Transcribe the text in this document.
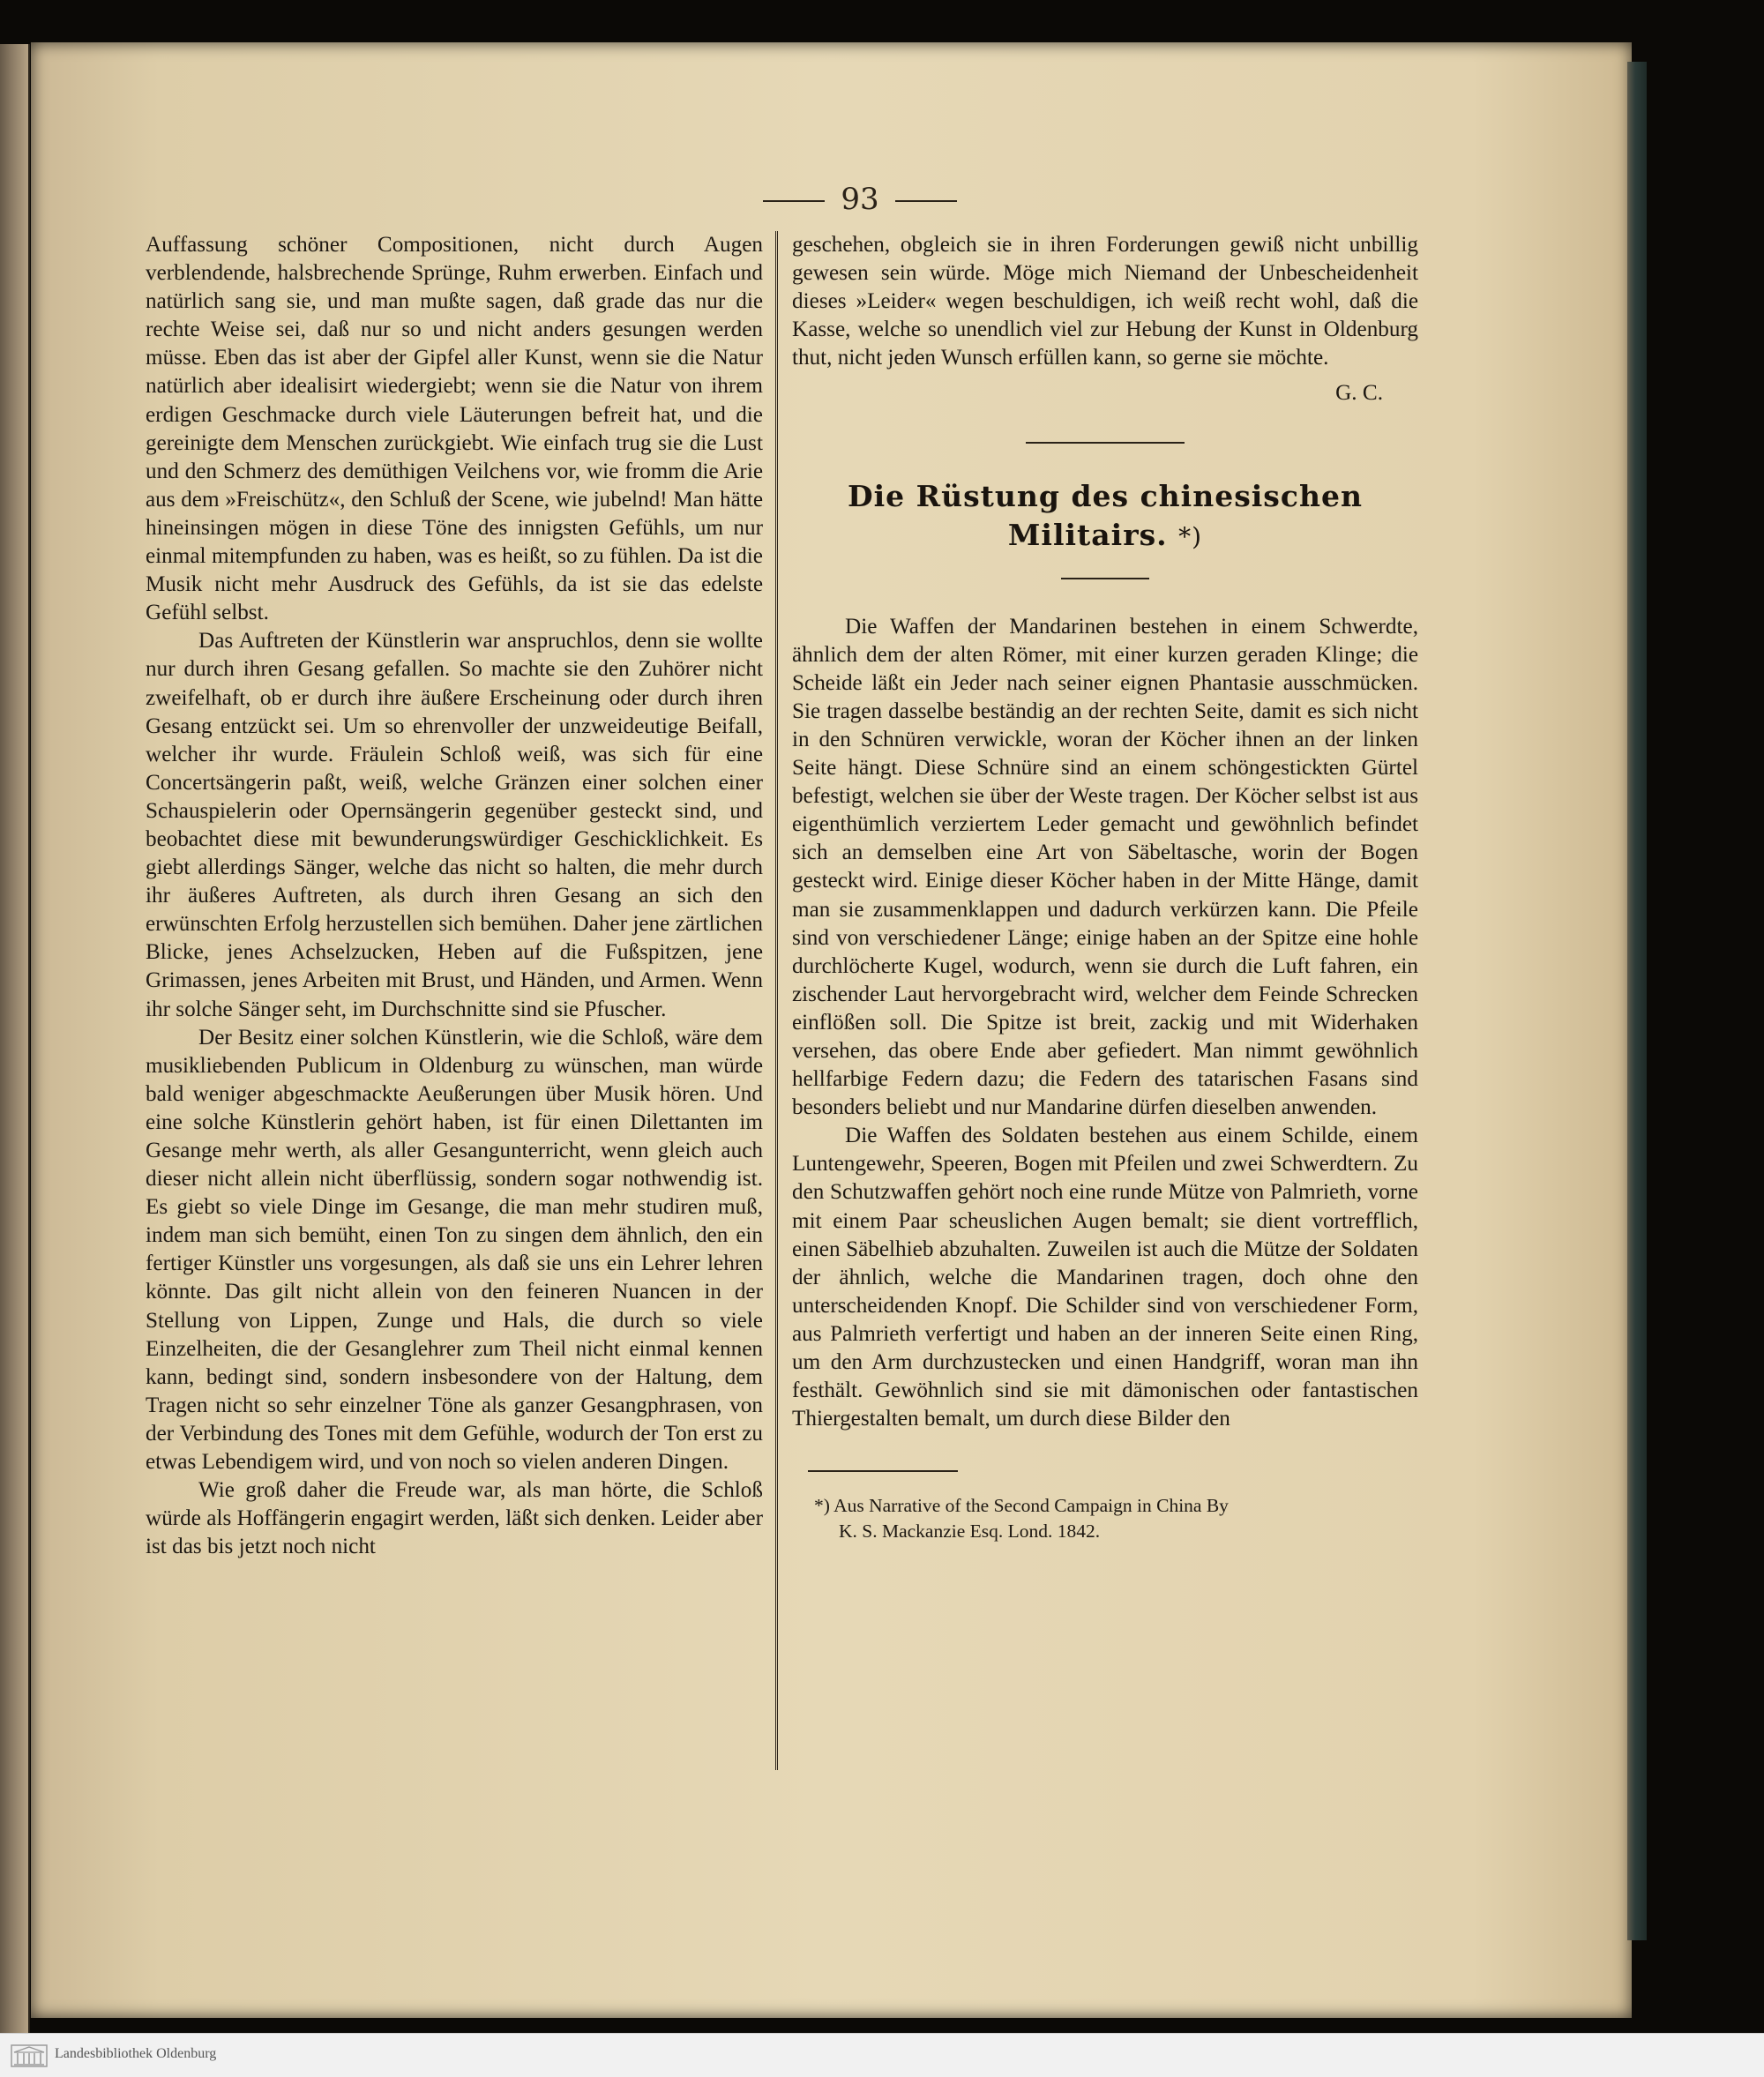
93

Auffassung schöner Compositionen, nicht durch Augen verblendende, halsbrechende Sprünge, Ruhm erwerben. Einfach und natürlich sang sie, und man mußte sagen, daß grade das nur die rechte Weise sei, daß nur so und nicht anders gesungen werden müsse. Eben das ist aber der Gipfel aller Kunst, wenn sie die Natur natürlich aber idealisirt wiedergiebt; wenn sie die Natur von ihrem erdigen Geschmacke durch viele Läuterungen befreit hat, und die gereinigte dem Menschen zurückgiebt. Wie einfach trug sie die Lust und den Schmerz des demüthigen Veilchens vor, wie fromm die Arie aus dem »Freischütz«, den Schluß der Scene, wie jubelnd! Man hätte hineinsingen mögen in diese Töne des innigsten Gefühls, um nur einmal mitempfunden zu haben, was es heißt, so zu fühlen. Da ist die Musik nicht mehr Ausdruck des Gefühls, da ist sie das edelste Gefühl selbst.

Das Auftreten der Künstlerin war anspruchlos, denn sie wollte nur durch ihren Gesang gefallen. So machte sie den Zuhörer nicht zweifelhaft, ob er durch ihre äußere Erscheinung oder durch ihren Gesang entzückt sei. Um so ehrenvoller der unzweideutige Beifall, welcher ihr wurde. Fräulein Schloß weiß, was sich für eine Concertsängerin paßt, weiß, welche Gränzen einer solchen einer Schauspielerin oder Opernsängerin gegenüber gesteckt sind, und beobachtet diese mit bewunderungswürdiger Geschicklichkeit. Es giebt allerdings Sänger, welche das nicht so halten, die mehr durch ihr äußeres Auftreten, als durch ihren Gesang an sich den erwünschten Erfolg herzustellen sich bemühen. Daher jene zärtlichen Blicke, jenes Achselzucken, Heben auf die Fußspitzen, jene Grimassen, jenes Arbeiten mit Brust, und Händen, und Armen. Wenn ihr solche Sänger seht, im Durchschnitte sind sie Pfuscher.

Der Besitz einer solchen Künstlerin, wie die Schloß, wäre dem musikliebenden Publicum in Oldenburg zu wünschen, man würde bald weniger abgeschmackte Aeußerungen über Musik hören. Und eine solche Künstlerin gehört haben, ist für einen Dilettanten im Gesange mehr werth, als aller Gesangunterricht, wenn gleich auch dieser nicht allein nicht überflüssig, sondern sogar nothwendig ist. Es giebt so viele Dinge im Gesange, die man mehr studiren muß, indem man sich bemüht, einen Ton zu singen dem ähnlich, den ein fertiger Künstler uns vorgesungen, als daß sie uns ein Lehrer lehren könnte. Das gilt nicht allein von den feineren Nuancen in der Stellung von Lippen, Zunge und Hals, die durch so viele Einzelheiten, die der Gesanglehrer zum Theil nicht einmal kennen kann, bedingt sind, sondern insbesondere von der Haltung, dem Tragen nicht so sehr einzelner Töne als ganzer Gesangphrasen, von der Verbindung des Tones mit dem Gefühle, wodurch der Ton erst zu etwas Lebendigem wird, und von noch so vielen anderen Dingen.

Wie groß daher die Freude war, als man hörte, die Schloß würde als Hoffängerin engagirt werden, läßt sich denken. Leider aber ist das bis jetzt noch nicht

geschehen, obgleich sie in ihren Forderungen gewiß nicht unbillig gewesen sein würde. Möge mich Niemand der Unbescheidenheit dieses »Leider« wegen beschuldigen, ich weiß recht wohl, daß die Kasse, welche so unendlich viel zur Hebung der Kunst in Oldenburg thut, nicht jeden Wunsch erfüllen kann, so gerne sie möchte.

G. C.
Die Rüstung des chinesischen
Militairs. *)

Die Waffen der Mandarinen bestehen in einem Schwerdte, ähnlich dem der alten Römer, mit einer kurzen geraden Klinge; die Scheide läßt ein Jeder nach seiner eignen Phantasie ausschmücken. Sie tragen dasselbe beständig an der rechten Seite, damit es sich nicht in den Schnüren verwickle, woran der Köcher ihnen an der linken Seite hängt. Diese Schnüre sind an einem schöngestickten Gürtel befestigt, welchen sie über der Weste tragen. Der Köcher selbst ist aus eigenthümlich verziertem Leder gemacht und gewöhnlich befindet sich an demselben eine Art von Säbeltasche, worin der Bogen gesteckt wird. Einige dieser Köcher haben in der Mitte Hänge, damit man sie zusammenklappen und dadurch verkürzen kann. Die Pfeile sind von verschiedener Länge; einige haben an der Spitze eine hohle durchlöcherte Kugel, wodurch, wenn sie durch die Luft fahren, ein zischender Laut hervorgebracht wird, welcher dem Feinde Schrecken einflößen soll. Die Spitze ist breit, zackig und mit Widerhaken versehen, das obere Ende aber gefiedert. Man nimmt gewöhnlich hellfarbige Federn dazu; die Federn des tatarischen Fasans sind besonders beliebt und nur Mandarine dürfen dieselben anwenden.

Die Waffen des Soldaten bestehen aus einem Schilde, einem Luntengewehr, Speeren, Bogen mit Pfeilen und zwei Schwerdtern. Zu den Schutzwaffen gehört noch eine runde Mütze von Palmrieth, vorne mit einem Paar scheuslichen Augen bemalt; sie dient vortrefflich, einen Säbelhieb abzuhalten. Zuweilen ist auch die Mütze der Soldaten der ähnlich, welche die Mandarinen tragen, doch ohne den unterscheidenden Knopf. Die Schilder sind von verschiedener Form, aus Palmrieth verfertigt und haben an der inneren Seite einen Ring, um den Arm durchzustecken und einen Handgriff, woran man ihn festhält. Gewöhnlich sind sie mit dämonischen oder fantastischen Thiergestalten bemalt, um durch diese Bilder den

*) Aus Narrative of the Second Campaign in China By
K. S. Mackanzie Esq. Lond. 1842.
Landesbibliothek Oldenburg
